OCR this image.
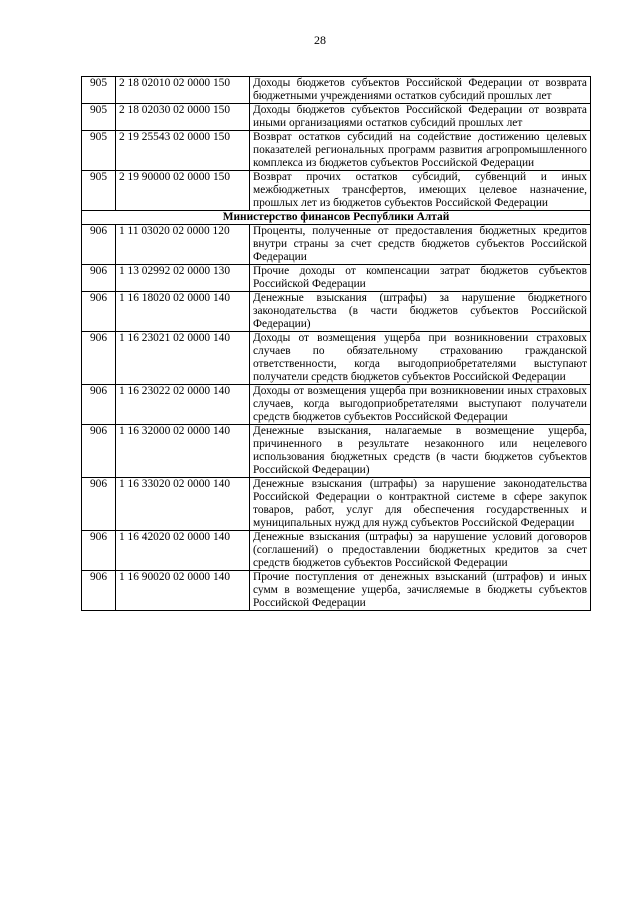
28
905	2 18 02010 02 0000 150	Доходы бюджетов субъектов Российской Федерации от возврата бюджетными учреждениями остатков субсидий прошлых лет
905	2 18 02030 02 0000 150	Доходы бюджетов субъектов Российской Федерации от возврата иными организациями остатков субсидий прошлых лет
905	2 19 25543 02 0000 150	Возврат остатков субсидий на содействие достижению целевых показателей региональных программ развития агропромышленного комплекса из бюджетов субъектов Российской Федерации
905	2 19 90000 02 0000 150	Возврат прочих остатков субсидий, субвенций и иных межбюджетных трансфертов, имеющих целевое назначение, прошлых лет из бюджетов субъектов Российской Федерации
Министерство финансов Республики Алтай		
906	1 11 03020 02 0000 120	Проценты, полученные от предоставления бюджетных кредитов внутри страны за счет средств бюджетов субъектов Российской Федерации
906	1 13 02992 02 0000 130	Прочие доходы от компенсации затрат бюджетов субъектов Российской Федерации
906	1 16 18020 02 0000 140	Денежные взыскания (штрафы) за нарушение бюджетного законодательства (в части бюджетов субъектов Российской Федерации)
906	1 16 23021 02 0000 140	Доходы от возмещения ущерба при возникновении страховых случаев по обязательному страхованию гражданской ответственности, когда выгодоприобретателями выступают получатели средств бюджетов субъектов Российской Федерации
906	1 16 23022 02 0000 140	Доходы от возмещения ущерба при возникновении иных страховых случаев, когда выгодоприобретателями выступают получатели средств бюджетов субъектов Российской Федерации
906	1 16 32000 02 0000 140	Денежные взыскания, налагаемые в возмещение ущерба, причиненного в результате незаконного или нецелевого использования бюджетных средств (в части бюджетов субъектов Российской Федерации)
906	1 16 33020 02 0000 140	Денежные взыскания (штрафы) за нарушение законодательства Российской Федерации о контрактной системе в сфере закупок товаров, работ, услуг для обеспечения государственных и муниципальных нужд для нужд субъектов Российской Федерации
906	1 16 42020 02 0000 140	Денежные взыскания (штрафы) за нарушение условий договоров (соглашений) о предоставлении бюджетных кредитов за счет средств бюджетов субъектов Российской Федерации
906	1 16 90020 02 0000 140	Прочие поступления от денежных взысканий (штрафов) и иных сумм в возмещение ущерба, зачисляемые в бюджеты субъектов Российской Федерации
